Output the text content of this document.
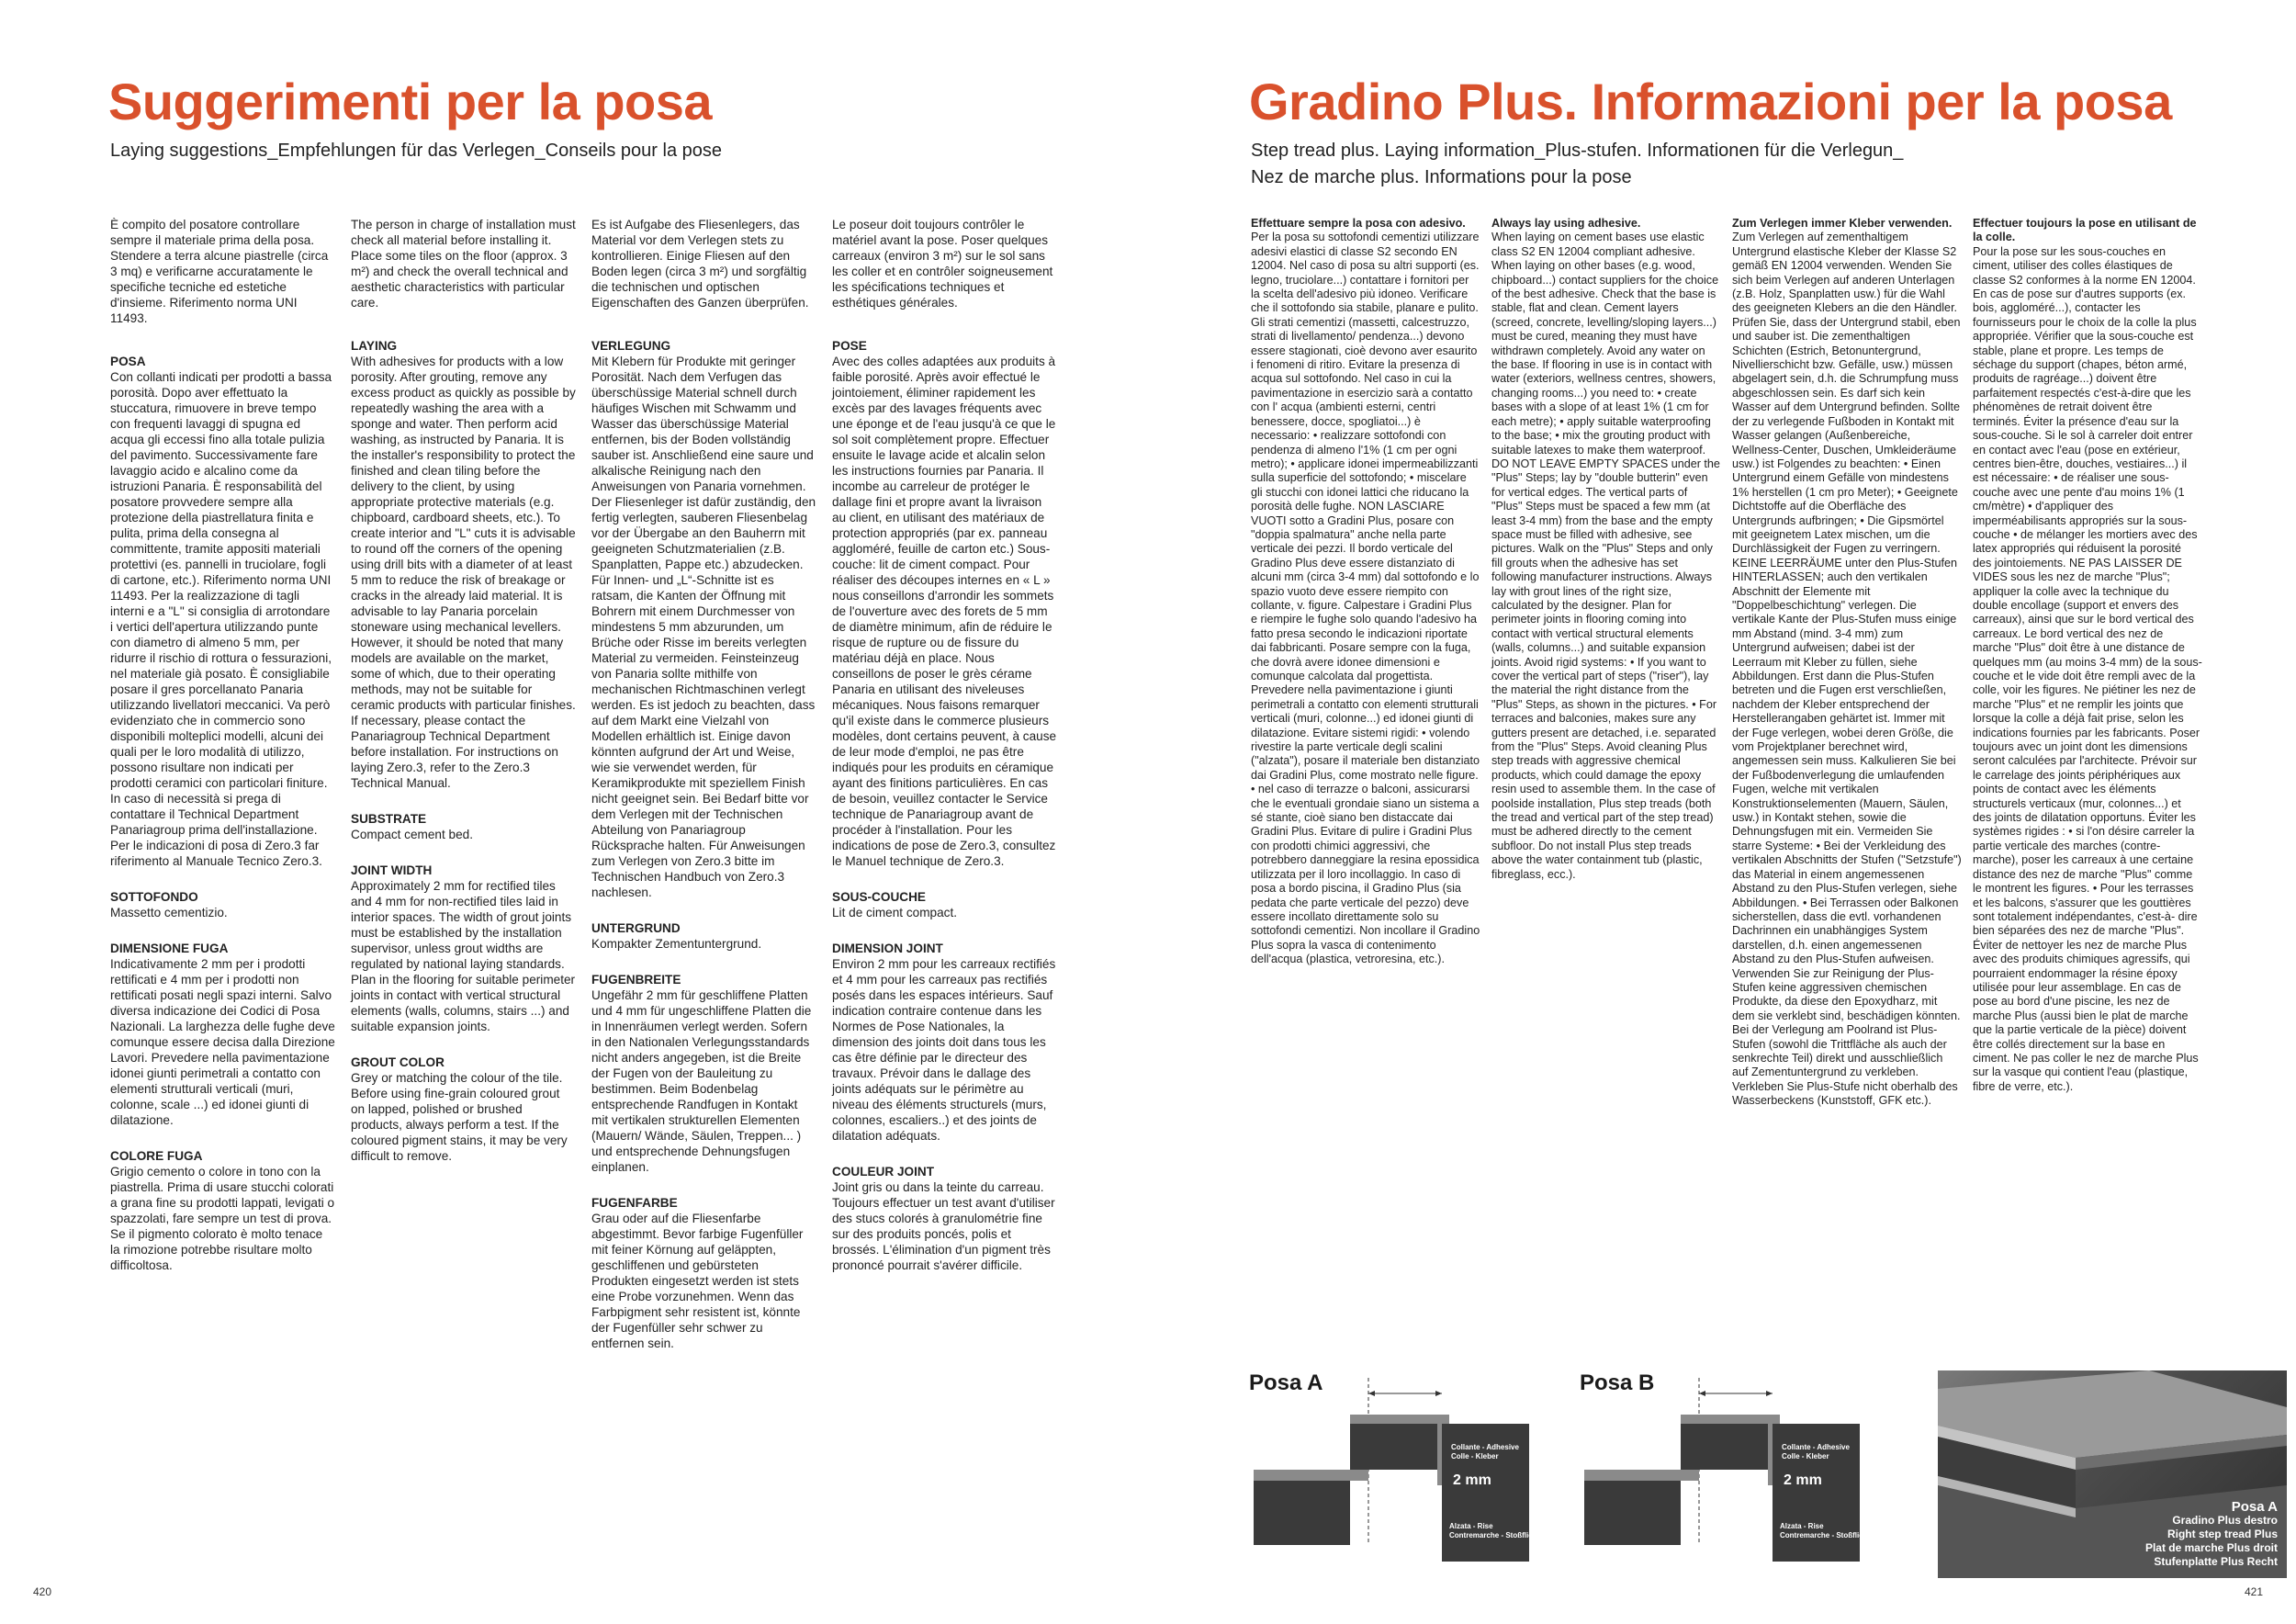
Suggerimenti per la posa

Laying suggestions_Empfehlungen für das Verlegen_Conseils pour la pose

È compito del posatore controllare sempre il materiale prima della posa. Stendere a terra alcune piastrelle (circa 3 mq) e verificarne accuratamente le specifiche tecniche ed estetiche d'insieme. Riferimento norma UNI 11493.

POSA

Con collanti indicati per prodotti a bassa porosità. Dopo aver effettuato la stuccatura, rimuovere in breve tempo con frequenti lavaggi di spugna ed acqua gli eccessi fino alla totale pulizia del pavimento. Successivamente fare lavaggio acido e alcalino come da istruzioni Panaria. È responsabilità del posatore provvedere sempre alla protezione della piastrellatura finita e pulita, prima della consegna al committente, tramite appositi materiali protettivi (es. pannelli in truciolare, fogli di cartone, etc.). Riferimento norma UNI 11493. Per la realizzazione di tagli interni e a "L" si consiglia di arrotondare i vertici dell'apertura utilizzando punte con diametro di almeno 5 mm, per ridurre il rischio di rottura o fessurazioni, nel materiale già posato. È consigliabile posare il gres porcellanato Panaria utilizzando livellatori meccanici. Va però evidenziato che in commercio sono disponibili molteplici modelli, alcuni dei quali per le loro modalità di utilizzo, possono risultare non indicati per prodotti ceramici con particolari finiture. In caso di necessità si prega di contattare il Technical Department Panariagroup prima dell'installazione. Per le indicazioni di posa di Zero.3 far riferimento al Manuale Tecnico Zero.3.

SOTTOFONDO

Massetto cementizio.

DIMENSIONE FUGA

Indicativamente 2 mm per i prodotti rettificati e 4 mm per i prodotti non rettificati posati negli spazi interni. Salvo diversa indicazione dei Codici di Posa Nazionali. La larghezza delle fughe deve comunque essere decisa dalla Direzione Lavori. Prevedere nella pavimentazione idonei giunti perimetrali a contatto con elementi strutturali verticali (muri, colonne, scale ...) ed idonei giunti di dilatazione.

COLORE FUGA

Grigio cemento o colore in tono con la piastrella. Prima di usare stucchi colorati a grana fine su prodotti lappati, levigati o spazzolati, fare sempre un test di prova. Se il pigmento colorato è molto tenace la rimozione potrebbe risultare molto difficoltosa.

The person in charge of installation must check all material before installing it. Place some tiles on the floor (approx. 3 m²) and check the overall technical and aesthetic characteristics with particular care.

LAYING

With adhesives for products with a low porosity. After grouting, remove any excess product as quickly as possible by repeatedly washing the area with a sponge and water. Then perform acid washing, as instructed by Panaria. It is the installer's responsibility to protect the finished and clean tiling before the delivery to the client, by using appropriate protective materials (e.g. chipboard, cardboard sheets, etc.). To create interior and "L" cuts it is advisable to round off the corners of the opening using drill bits with a diameter of at least 5 mm to reduce the risk of breakage or cracks in the already laid material. It is advisable to lay Panaria porcelain stoneware using mechanical levellers. However, it should be noted that many models are available on the market, some of which, due to their operating methods, may not be suitable for ceramic products with particular finishes. If necessary, please contact the Panariagroup Technical Department before installation. For instructions on laying Zero.3, refer to the Zero.3 Technical Manual.

SUBSTRATE

Compact cement bed.

JOINT WIDTH

Approximately 2 mm for rectified tiles and 4 mm for non-rectified tiles laid in interior spaces. The width of grout joints must be established by the installation supervisor, unless grout widths are regulated by national laying standards. Plan in the flooring for suitable perimeter joints in contact with vertical structural elements (walls, columns, stairs ...) and suitable expansion joints.

GROUT COLOR

Grey or matching the colour of the tile. Before using fine-grain coloured grout on lapped, polished or brushed products, always perform a test. If the coloured pigment stains, it may be very difficult to remove.

Es ist Aufgabe des Fliesenlegers, das Material vor dem Verlegen stets zu kontrollieren. Einige Fliesen auf den Boden legen (circa 3 m²) und sorgfältig die technischen und optischen Eigenschaften des Ganzen überprüfen.

VERLEGUNG

Mit Klebern für Produkte mit geringer Porosität. Nach dem Verfugen das überschüssige Material schnell durch häufiges Wischen mit Schwamm und Wasser das überschüssige Material entfernen, bis der Boden vollständig sauber ist. Anschließend eine saure und alkalische Reinigung nach den Anweisungen von Panaria vornehmen. Der Fliesenleger ist dafür zuständig, den fertig verlegten, sauberen Fliesenbelag vor der Übergabe an den Bauherrn mit geeigneten Schutzmaterialien (z.B. Spanplatten, Pappe etc.) abzudecken. Für Innen- und „L“-Schnitte ist es ratsam, die Kanten der Öffnung mit Bohrern mit einem Durchmesser von mindestens 5 mm abzurunden, um Brüche oder Risse im bereits verlegten Material zu vermeiden. Feinsteinzeug von Panaria sollte mithilfe von mechanischen Richtmaschinen verlegt werden. Es ist jedoch zu beachten, dass auf dem Markt eine Vielzahl von Modellen erhältlich ist. Einige davon könnten aufgrund der Art und Weise, wie sie verwendet werden, für Keramikprodukte mit speziellem Finish nicht geeignet sein. Bei Bedarf bitte vor dem Verlegen mit der Technischen Abteilung von Panariagroup Rücksprache halten. Für Anweisungen zum Verlegen von Zero.3 bitte im Technischen Handbuch von Zero.3 nachlesen.

UNTERGRUND

Kompakter Zementuntergrund.

FUGENBREITE

Ungefähr 2 mm für geschliffene Platten und 4 mm für ungeschliffene Platten die in Innenräumen verlegt werden. Sofern in den Nationalen Verlegungsstandards nicht anders angegeben, ist die Breite der Fugen von der Bauleitung zu bestimmen. Beim Bodenbelag entsprechende Randfugen in Kontakt mit vertikalen strukturellen Elementen (Mauern/ Wände, Säulen, Treppen... ) und entsprechende Dehnungsfugen einplanen.

FUGENFARBE

Grau oder auf die Fliesenfarbe abgestimmt. Bevor farbige Fugenfüller mit feiner Körnung auf geläppten, geschliffenen und gebürsteten Produkten eingesetzt werden ist stets eine Probe vorzunehmen. Wenn das Farbpigment sehr resistent ist, könnte der Fugenfüller sehr schwer zu entfernen sein.

Le poseur doit toujours contrôler le matériel avant la pose. Poser quelques carreaux (environ 3 m²) sur le sol sans les coller et en contrôler soigneusement les spécifications techniques et esthétiques générales.

POSE

Avec des colles adaptées aux produits à faible porosité. Après avoir effectué le jointoiement, éliminer rapidement les excès par des lavages fréquents avec une éponge et de l'eau jusqu'à ce que le sol soit complètement propre. Effectuer ensuite le lavage acide et alcalin selon les instructions fournies par Panaria. Il incombe au carreleur de protéger le dallage fini et propre avant la livraison au client, en utilisant des matériaux de protection appropriés (par ex. panneau aggloméré, feuille de carton etc.) Sous-couche: lit de ciment compact. Pour réaliser des découpes internes en « L » nous conseillons d'arrondir les sommets de l'ouverture avec des forets de 5 mm de diamètre minimum, afin de réduire le risque de rupture ou de fissure du matériau déjà en place. Nous conseillons de poser le grès cérame Panaria en utilisant des niveleuses mécaniques. Nous faisons remarquer qu'il existe dans le commerce plusieurs modèles, dont certains peuvent, à cause de leur mode d'emploi, ne pas être indiqués pour les produits en céramique ayant des finitions particulières. En cas de besoin, veuillez contacter le Service technique de Panariagroup avant de procéder à l'installation. Pour les indications de pose de Zero.3, consultez le Manuel technique de Zero.3.

SOUS-COUCHE

Lit de ciment compact.

DIMENSION JOINT

Environ 2 mm pour les carreaux rectifiés et 4 mm pour les carreaux pas rectifiés posés dans les espaces intérieurs. Sauf indication contraire contenue dans les Normes de Pose Nationales, la dimension des joints doit dans tous les cas être définie par le directeur des travaux. Prévoir dans le dallage des joints adéquats sur le périmètre au niveau des éléments structurels (murs, colonnes, escaliers..) et des joints de dilatation adéquats.

COULEUR JOINT

Joint gris ou dans la teinte du carreau. Toujours effectuer un test avant d'utiliser des stucs colorés à granulométrie fine sur des produits poncés, polis et brossés. L'élimination d'un pigment très prononcé pourrait s'avérer difficile.

420
Gradino Plus. Informazioni per la posa

Step tread plus. Laying information_Plus-stufen. Informationen für die Verlegun_
Nez de marche plus. Informations pour la pose

Effettuare sempre la posa con adesivo.

Per la posa su sottofondi cementizi utilizzare adesivi elastici di classe S2 secondo EN 12004. Nel caso di posa su altri supporti (es. legno, truciolare...) contattare i fornitori per la scelta dell'adesivo più idoneo. Verificare che il sottofondo sia stabile, planare e pulito. Gli strati cementizi (massetti, calcestruzzo, strati di livellamento/ pendenza...) devono essere stagionati, cioè devono aver esaurito i fenomeni di ritiro. Evitare la presenza di acqua sul sottofondo. Nel caso in cui la pavimentazione in esercizio sarà a contatto con l' acqua (ambienti esterni, centri benessere, docce, spogliatoi...) è necessario: • realizzare sottofondi con pendenza di almeno l'1% (1 cm per ogni metro); • applicare idonei impermeabilizzanti sulla superficie del sottofondo; • miscelare gli stucchi con idonei lattici che riducano la porosità delle fughe. NON LASCIARE VUOTI sotto a Gradini Plus, posare con "doppia spalmatura" anche nella parte verticale dei pezzi. Il bordo verticale del Gradino Plus deve essere distanziato di alcuni mm (circa 3-4 mm) dal sottofondo e lo spazio vuoto deve essere riempito con collante, v. figure. Calpestare i Gradini Plus e riempire le fughe solo quando l'adesivo ha fatto presa secondo le indicazioni riportate dai fabbricanti. Posare sempre con la fuga, che dovrà avere idonee dimensioni e comunque calcolata dal progettista. Prevedere nella pavimentazione i giunti perimetrali a contatto con elementi strutturali verticali (muri, colonne...) ed idonei giunti di dilatazione. Evitare sistemi rigidi: • volendo rivestire la parte verticale degli scalini ("alzata"), posare il materiale ben distanziato dai Gradini Plus, come mostrato nelle figure. • nel caso di terrazze o balconi, assicurarsi che le eventuali grondaie siano un sistema a sé stante, cioè siano ben distaccate dai Gradini Plus. Evitare di pulire i Gradini Plus con prodotti chimici aggressivi, che potrebbero danneggiare la resina epossidica utilizzata per il loro incollaggio. In caso di posa a bordo piscina, il Gradino Plus (sia pedata che parte verticale del pezzo) deve essere incollato direttamente solo su sottofondi cementizi. Non incollare il Gradino Plus sopra la vasca di contenimento dell'acqua (plastica, vetroresina, etc.).

Always lay using adhesive.

When laying on cement bases use elastic class S2 EN 12004 compliant adhesive. When laying on other bases (e.g. wood, chipboard...) contact suppliers for the choice of the best adhesive. Check that the base is stable, flat and clean. Cement layers (screed, concrete, levelling/sloping layers...) must be cured, meaning they must have withdrawn completely. Avoid any water on the base. If flooring in use is in contact with water (exteriors, wellness centres, showers, changing rooms...) you need to: • create bases with a slope of at least 1% (1 cm for each metre); • apply suitable waterproofing to the base; • mix the grouting product with suitable latexes to make them waterproof. DO NOT LEAVE EMPTY SPACES under the "Plus" Steps; lay by "double butterin" even for vertical edges. The vertical parts of "Plus" Steps must be spaced a few mm (at least 3-4 mm) from the base and the empty space must be filled with adhesive, see pictures. Walk on the "Plus" Steps and only fill grouts when the adhesive has set following manufacturer instructions. Always lay with grout lines of the right size, calculated by the designer. Plan for perimeter joints in flooring coming into contact with vertical structural elements (walls, columns...) and suitable expansion joints. Avoid rigid systems: • If you want to cover the vertical part of steps ("riser"), lay the material the right distance from the "Plus" Steps, as shown in the pictures. • For terraces and balconies, makes sure any gutters present are detached, i.e. separated from the "Plus" Steps. Avoid cleaning Plus step treads with aggressive chemical products, which could damage the epoxy resin used to assemble them. In the case of poolside installation, Plus step treads (both the tread and vertical part of the step tread) must be adhered directly to the cement subfloor. Do not install Plus step treads above the water containment tub (plastic, fibreglass, ecc.).

Zum Verlegen immer Kleber verwenden.

Zum Verlegen auf zementhaltigem Untergrund elastische Kleber der Klasse S2 gemäß EN 12004 verwenden. Wenden Sie sich beim Verlegen auf anderen Unterlagen (z.B. Holz, Spanplatten usw.) für die Wahl des geeigneten Klebers an die den Händler. Prüfen Sie, dass der Untergrund stabil, eben und sauber ist. Die zementhaltigen Schichten (Estrich, Betonuntergrund, Nivellierschicht bzw. Gefälle, usw.) müssen abgelagert sein, d.h. die Schrumpfung muss abgeschlossen sein. Es darf sich kein Wasser auf dem Untergrund befinden. Sollte der zu verlegende Fußboden in Kontakt mit Wasser gelangen (Außenbereiche, Wellness-Center, Duschen, Umkleideräume usw.) ist Folgendes zu beachten: • Einen Untergrund einem Gefälle von mindestens 1% herstellen (1 cm pro Meter); • Geeignete Dichtstoffe auf die Oberfläche des Untergrunds aufbringen; • Die Gipsmörtel mit geeignetem Latex mischen, um die Durchlässigkeit der Fugen zu verringern. KEINE LEERRÄUME unter den Plus-Stufen HINTERLASSEN; auch den vertikalen Abschnitt der Elemente mit "Doppelbeschichtung" verlegen. Die vertikale Kante der Plus-Stufen muss einige mm Abstand (mind. 3-4 mm) zum Untergrund aufweisen; dabei ist der Leerraum mit Kleber zu füllen, siehe Abbildungen. Erst dann die Plus-Stufen betreten und die Fugen erst verschließen, nachdem der Kleber entsprechend der Herstellerangaben gehärtet ist. Immer mit der Fuge verlegen, wobei deren Größe, die vom Projektplaner berechnet wird, angemessen sein muss. Kalkulieren Sie bei der Fußbodenverlegung die umlaufenden Fugen, welche mit vertikalen Konstruktionselementen (Mauern, Säulen, usw.) in Kontakt stehen, sowie die Dehnungsfugen mit ein. Vermeiden Sie starre Systeme: • Bei der Verkleidung des vertikalen Abschnitts der Stufen ("Setzstufe") das Material in einem angemessenen Abstand zu den Plus-Stufen verlegen, siehe Abbildungen. • Bei Terrassen oder Balkonen sicherstellen, dass die evtl. vorhandenen Dachrinnen ein unabhängiges System darstellen, d.h. einen angemessenen Abstand zu den Plus-Stufen aufweisen. Verwenden Sie zur Reinigung der Plus-Stufen keine aggressiven chemischen Produkte, da diese den Epoxydharz, mit dem sie verklebt sind, beschädigen könnten. Bei der Verlegung am Poolrand ist Plus-Stufen (sowohl die Trittfläche als auch der senkrechte Teil) direkt und ausschließlich auf Zementuntergrund zu verkleben. Verkleben Sie Plus-Stufe nicht oberhalb des Wasserbeckens (Kunststoff, GFK etc.).

Effectuer toujours la pose en utilisant de la colle.

Pour la pose sur les sous-couches en ciment, utiliser des colles élastiques de classe S2 conformes à la norme EN 12004. En cas de pose sur d'autres supports (ex. bois, aggloméré...), contacter les fournisseurs pour le choix de la colle la plus appropriée. Vérifier que la sous-couche est stable, plane et propre. Les temps de séchage du support (chapes, béton armé, produits de ragréage...) doivent être parfaitement respectés c'est-à-dire que les phénomènes de retrait doivent être terminés. Éviter la présence d'eau sur la sous-couche. Si le sol à carreler doit entrer en contact avec l'eau (pose en extérieur, centres bien-être, douches, vestiaires...) il est nécessaire: • de réaliser une sous-couche avec une pente d'au moins 1% (1 cm/mètre) • d'appliquer des imperméabilisants appropriés sur la sous-couche • de mélanger les mortiers avec des latex appropriés qui réduisent la porosité des jointoiements. NE PAS LAISSER DE VIDES sous les nez de marche "Plus"; appliquer la colle avec la technique du double encollage (support et envers des carreaux), ainsi que sur le bord vertical des carreaux. Le bord vertical des nez de marche "Plus" doit être à une distance de quelques mm (au moins 3-4 mm) de la sous-couche et le vide doit être rempli avec de la colle, voir les figures. Ne piétiner les nez de marche "Plus" et ne remplir les joints que lorsque la colle a déjà fait prise, selon les indications fournies par les fabricants. Poser toujours avec un joint dont les dimensions seront calculées par l'architecte. Prévoir sur le carrelage des joints périphériques aux points de contact avec les éléments structurels verticaux (mur, colonnes...) et des joints de dilatation opportuns. Éviter les systèmes rigides : • si l'on désire carreler la partie verticale des marches (contre-marche), poser les carreaux à une certaine distance des nez de marche "Plus" comme le montrent les figures. • Pour les terrasses et les balcons, s'assurer que les gouttières sont totalement indépendantes, c'est-à- dire bien séparées des nez de marche "Plus". Éviter de nettoyer les nez de marche Plus avec des produits chimiques agressifs, qui pourraient endommager la résine époxy utilisée pour leur assemblage. En cas de pose au bord d'une piscine, les nez de marche Plus (aussi bien le plat de marche que la partie verticale de la pièce) doivent être collés directement sur la base en ciment. Ne pas coller le nez de marche Plus sur la vasque qui contient l'eau (plastique, fibre de verre, etc.).

Posa A
Collante - Adhesive
Colle - Kleber
2 mm
Alzata - Rise
Contremarche - Stoßfliese
Posa B
Collante - Adhesive
Colle - Kleber
2 mm
Alzata - Rise
Contremarche - Stoßfliese
Posa A
Gradino Plus destro
Right step tread Plus
Plat de marche Plus droit
Stufenplatte Plus Recht
421
